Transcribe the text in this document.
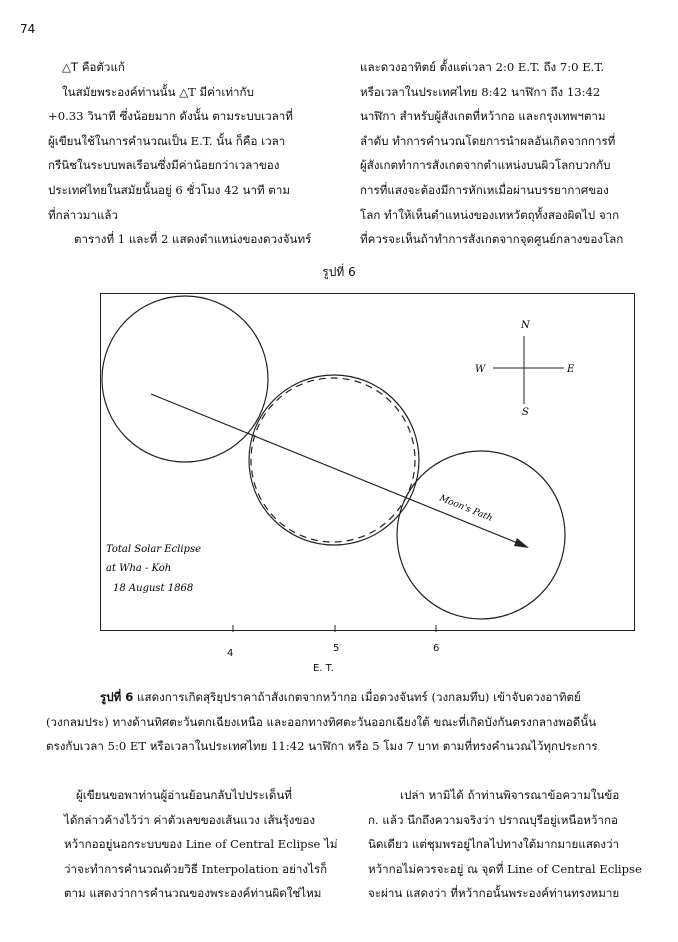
74

△T คือตัวแก้

ในสมัยพระองค์ท่านนั้น △T มีค่าเท่ากับ

+0.33 วินาที ซึ่งน้อยมาก ดังนั้น ตามระบบเวลาที่

ผู้เขียนใช้ในการคำนวณเป็น E.T. นั้น ก็คือ เวลา

กรีนิชในระบบพลเรือนซึ่งมีค่าน้อยกว่าเวลาของ

ประเทศไทยในสมัยนั้นอยู่ 6 ชั่วโมง 42 นาที ตาม

ที่กล่าวมาแล้ว

ตารางที่ 1 และที่ 2 แสดงตำแหน่งของดวงจันทร์

และดวงอาทิตย์ ตั้งแต่เวลา 2:0 E.T. ถึง 7:0 E.T.

หรือเวลาในประเทศไทย 8:42 นาฬิกา ถึง 13:42

นาฬิกา สำหรับผู้สังเกตที่หว้ากอ และกรุงเทพฯตาม

ลำดับ ทำการคำนวณโดยการนำผลอันเกิดจากการที่

ผู้สังเกตทำการสังเกตจากตำแหน่งบนผิวโลกบวกกับ

การที่แสงจะต้องมีการหักเหเมื่อผ่านบรรยากาศของ

โลก ทำให้เห็นตำแหน่งของเทหวัตถุทั้งสองผิดไป จาก

ที่ควรจะเห็นถ้าทำการสังเกตจากจุดศูนย์กลางของโลก

รูปที่ 6
Moon's Path
N
S
W	E
Total Solar Eclipse
at Wha - Koh
18 August 1868
4	5	6
E. T.

รูปที่ 6 แสดงการเกิดสุริยุปราคาถ้าสังเกตจากหว้ากอ เมื่อดวงจันทร์ (วงกลมทึบ) เข้าจับดวงอาทิตย์

(วงกลมประ) ทางด้านทิศตะวันตกเฉียงเหนือ และออกทางทิศตะวันออกเฉียงใต้ ขณะที่เกิดบังกันตรงกลางพอดีนั้น

ตรงกับเวลา 5:0 ET หรือเวลาในประเทศไทย 11:42 นาฬิกา หรือ 5 โมง 7 บาท ตามที่ทรงคำนวณไว้ทุกประการ

ผู้เขียนขอพาท่านผู้อ่านย้อนกลับไปประเด็นที่

ได้กล่าวค้างไว้ว่า ค่าตัวเลขของเส้นแวง เส้นรุ้งของ

หว้ากออยู่นอกระบบของ Line of Central Eclipse ไม่

ว่าจะทำการคำนวณด้วยวิธี Interpolation อย่างไรก็

ตาม แสดงว่าการคำนวณของพระองค์ท่านผิดใช่ไหม

เปล่า หามิได้ ถ้าท่านพิจารณาข้อความในข้อ

ก. แล้ว นึกถึงความจริงว่า ปราณบุรีอยู่เหนือหว้ากอ

นิดเดียว แต่ชุมพรอยู่ไกลไปทางใต้มากมายแสดงว่า

หว้ากอไม่ควรจะอยู่ ณ จุดที่ Line of Central Eclipse

จะผ่าน แสดงว่า ที่หว้ากอนั้นพระองค์ท่านทรงหมาย
